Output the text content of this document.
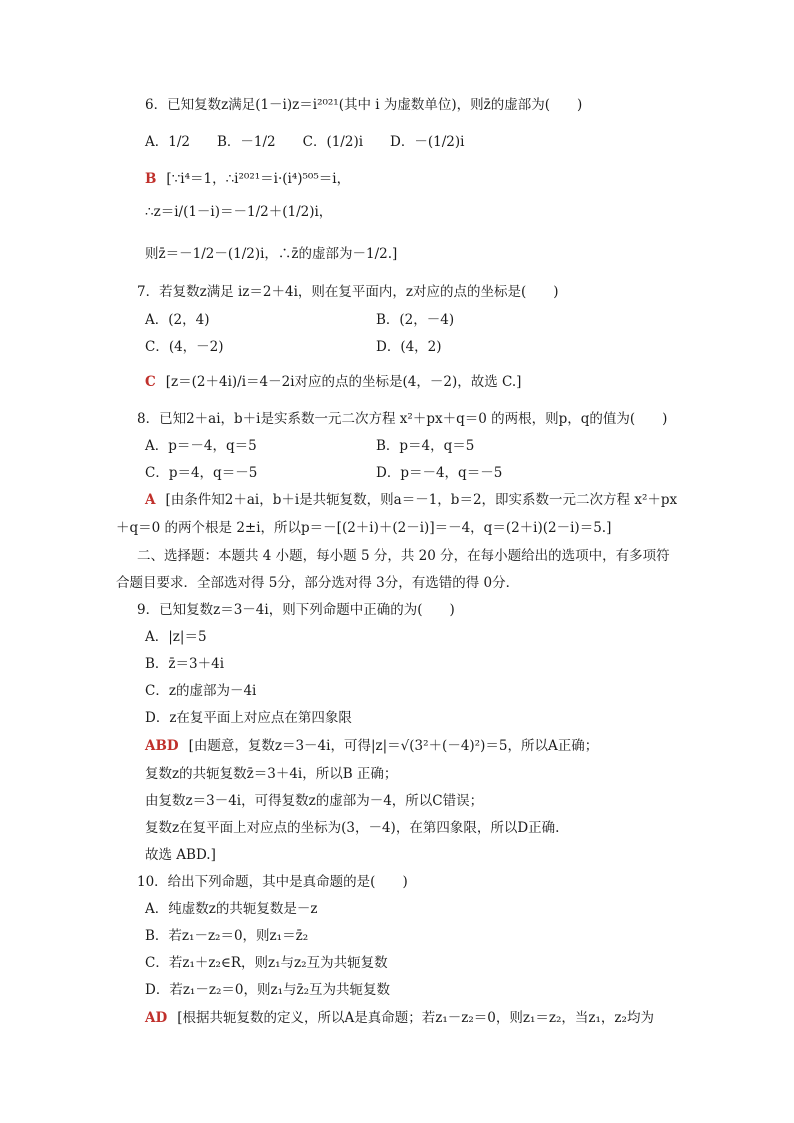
6．已知复数z满足(1－i)z＝i²⁰²¹(其中 i 为虚数单位)，则z̄的虚部为(　　)
A．1/2　　B．－1/2　　C．(1/2)i　　D．－(1/2)i
B [∵i⁴＝1，∴i²⁰²¹＝i·(i⁴)⁵⁰⁵＝i，
∴z＝i/(1－i)＝－1/2＋(1/2)i，
则z̄＝－1/2－(1/2)i，∴z̄的虚部为－1/2.]
7．若复数z满足 iz＝2＋4i，则在复平面内，z对应的点的坐标是(　　)
C [z＝(2＋4i)/i＝4－2i对应的点的坐标是(4，－2)，故选 C.]
8．已知2＋ai，b＋i是实系数一元二次方程 x²＋px＋q＝0 的两根，则p，q的值为(　　)
A [由条件知2＋ai，b＋i是共轭复数，则a＝－1，b＝2，即实系数一元二次方程 x²＋px
＋q＝0 的两个根是 2±i，所以p＝－[(2＋i)＋(2－i)]＝－4，q＝(2＋i)(2－i)＝5.]
二、选择题：本题共 4 小题，每小题 5 分，共 20 分，在每小题给出的选项中，有多项符
合题目要求．全部选对得 5分，部分选对得 3分，有选错的得 0分．
9．已知复数z＝3－4i，则下列命题中正确的为(　　)
A．|z|＝5
B．z̄＝3＋4i
C．z的虚部为－4i
D．z在复平面上对应点在第四象限
ABD [由题意，复数z＝3－4i，可得|z|＝√(3²＋(－4)²)＝5，所以A正确；
复数z的共轭复数z̄＝3＋4i，所以B 正确；
由复数z＝3－4i，可得复数z的虚部为－4，所以C错误；
复数z在复平面上对应点的坐标为(3，－4)，在第四象限，所以D正确.
故选 ABD.]
10．给出下列命题，其中是真命题的是(　　)
A．纯虚数z的共轭复数是－z
B．若z₁－z₂＝0，则z₁＝z̄₂
C．若z₁＋z₂∈R，则z₁与z₂互为共轭复数
D．若z₁－z₂＝0，则z₁与z̄₂互为共轭复数
AD [根据共轭复数的定义，所以A是真命题；若z₁－z₂＝0，则z₁＝z₂，当z₁，z₂均为
A．(2，4)	B．(2，－4)
C．(4，－2)	D．(4，2)
A．p＝－4，q＝5	B．p＝4，q＝5
C．p＝4，q＝－5	D．p＝－4，q＝－5
